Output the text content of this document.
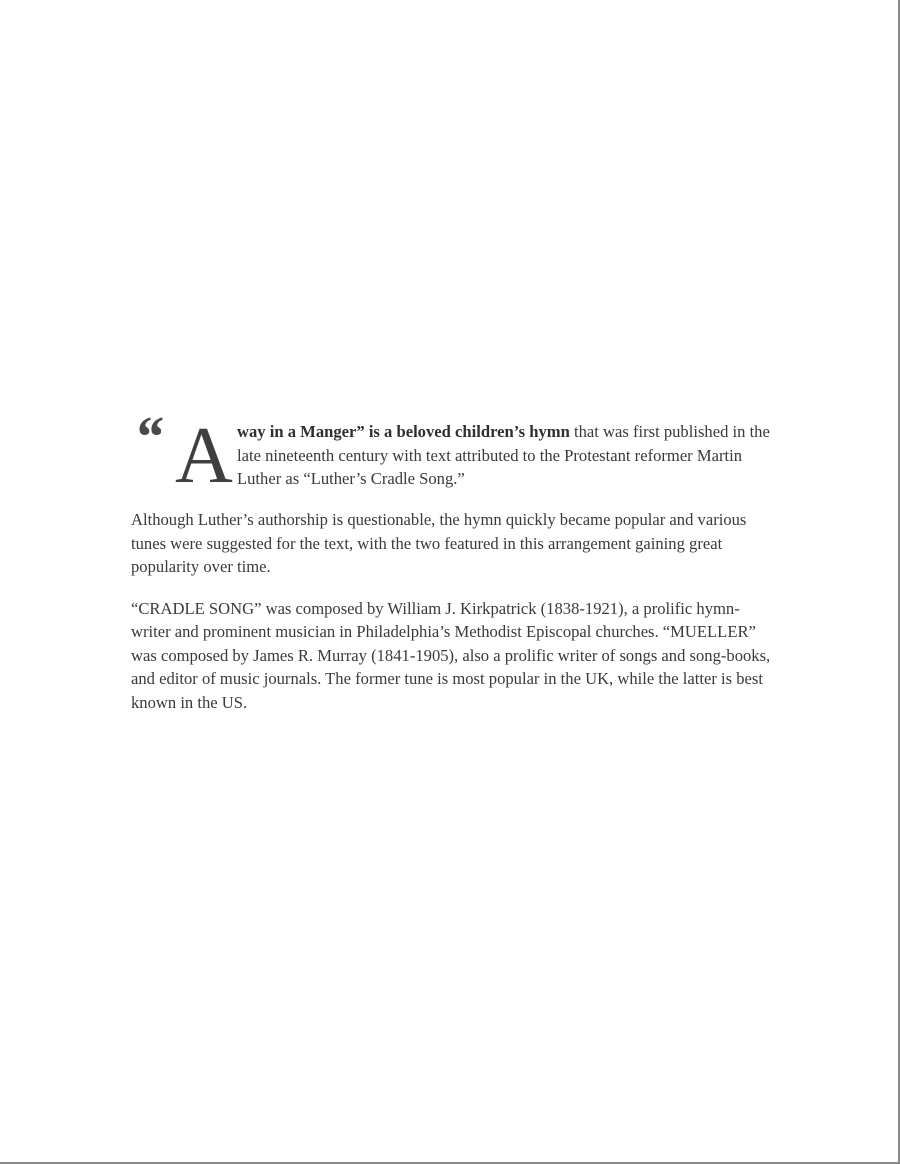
“ A way in a Manger” is a beloved children’s hymn that was first published in the late nineteenth century with text attributed to the Protestant reformer Martin Luther as “Luther’s Cradle Song.”

Although Luther’s authorship is questionable, the hymn quickly became popular and various tunes were suggested for the text, with the two featured in this arrangement gaining great popularity over time.

“CRADLE SONG” was composed by William J. Kirkpatrick (1838-1921), a prolific hymn-writer and prominent musician in Philadelphia’s Methodist Episcopal churches. “MUELLER” was composed by James R. Murray (1841-1905), also a prolific writer of songs and song-books, and editor of music journals. The former tune is most popular in the UK, while the latter is best known in the US.
